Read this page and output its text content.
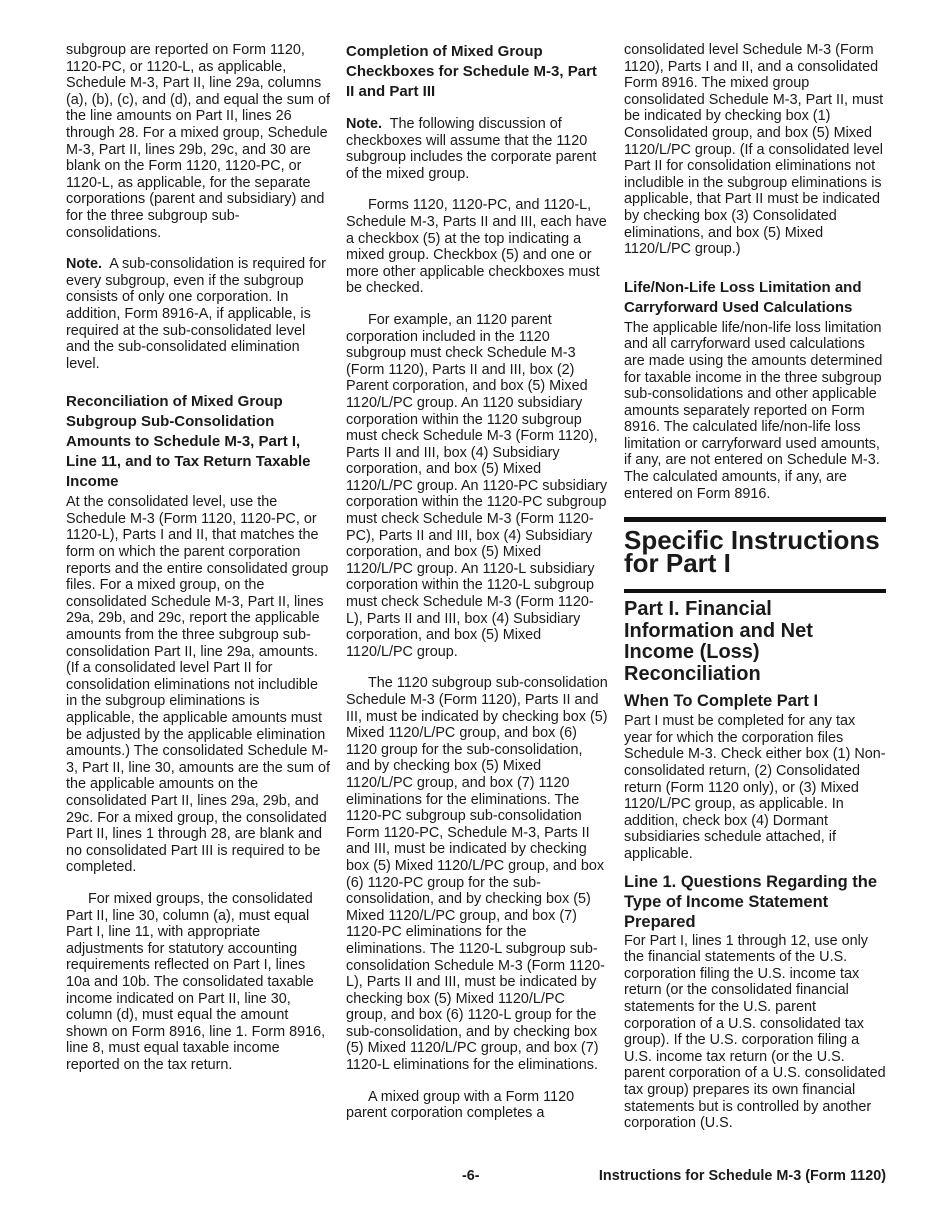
subgroup are reported on Form 1120, 1120-PC, or 1120-L, as applicable, Schedule M-3, Part II, line 29a, columns (a), (b), (c), and (d), and equal the sum of the line amounts on Part II, lines 26 through 28. For a mixed group, Schedule M-3, Part II, lines 29b, 29c, and 30 are blank on the Form 1120, 1120-PC, or 1120-L, as applicable, for the separate corporations (parent and subsidiary) and for the three subgroup sub-consolidations.

Note. A sub-consolidation is required for every subgroup, even if the subgroup consists of only one corporation. In addition, Form 8916-A, if applicable, is required at the sub-consolidated level and the sub-consolidated elimination level.

Reconciliation of Mixed Group Subgroup Sub-Consolidation Amounts to Schedule M-3, Part I, Line 11, and to Tax Return Taxable Income

At the consolidated level, use the Schedule M-3 (Form 1120, 1120-PC, or 1120-L), Parts I and II, that matches the form on which the parent corporation reports and the entire consolidated group files. For a mixed group, on the consolidated Schedule M-3, Part II, lines 29a, 29b, and 29c, report the applicable amounts from the three subgroup sub-consolidation Part II, line 29a, amounts. (If a consolidated level Part II for consolidation eliminations not includible in the subgroup eliminations is applicable, the applicable amounts must be adjusted by the applicable elimination amounts.) The consolidated Schedule M-3, Part II, line 30, amounts are the sum of the applicable amounts on the consolidated Part II, lines 29a, 29b, and 29c. For a mixed group, the consolidated Part II, lines 1 through 28, are blank and no consolidated Part III is required to be completed.

For mixed groups, the consolidated Part II, line 30, column (a), must equal Part I, line 11, with appropriate adjustments for statutory accounting requirements reflected on Part I, lines 10a and 10b. The consolidated taxable income indicated on Part II, line 30, column (d), must equal the amount shown on Form 8916, line 1. Form 8916, line 8, must equal taxable income reported on the tax return.

Completion of Mixed Group Checkboxes for Schedule M-3, Part II and Part III

Note. The following discussion of checkboxes will assume that the 1120 subgroup includes the corporate parent of the mixed group.

Forms 1120, 1120-PC, and 1120-L, Schedule M-3, Parts II and III, each have a checkbox (5) at the top indicating a mixed group. Checkbox (5) and one or more other applicable checkboxes must be checked.

For example, an 1120 parent corporation included in the 1120 subgroup must check Schedule M-3 (Form 1120), Parts II and III, box (2) Parent corporation, and box (5) Mixed 1120/L/PC group. An 1120 subsidiary corporation within the 1120 subgroup must check Schedule M-3 (Form 1120), Parts II and III, box (4) Subsidiary corporation, and box (5) Mixed 1120/L/PC group. An 1120-PC subsidiary corporation within the 1120-PC subgroup must check Schedule M-3 (Form 1120-PC), Parts II and III, box (4) Subsidiary corporation, and box (5) Mixed 1120/L/PC group. An 1120-L subsidiary corporation within the 1120-L subgroup must check Schedule M-3 (Form 1120-L), Parts II and III, box (4) Subsidiary corporation, and box (5) Mixed 1120/L/PC group.

The 1120 subgroup sub-consolidation Schedule M-3 (Form 1120), Parts II and III, must be indicated by checking box (5) Mixed 1120/L/PC group, and box (6) 1120 group for the sub-consolidation, and by checking box (5) Mixed 1120/L/PC group, and box (7) 1120 eliminations for the eliminations. The 1120-PC subgroup sub-consolidation Form 1120-PC, Schedule M-3, Parts II and III, must be indicated by checking box (5) Mixed 1120/L/PC group, and box (6) 1120-PC group for the sub-consolidation, and by checking box (5) Mixed 1120/L/PC group, and box (7) 1120-PC eliminations for the eliminations. The 1120-L subgroup sub-consolidation Schedule M-3 (Form 1120-L), Parts II and III, must be indicated by checking box (5) Mixed 1120/L/PC group, and box (6) 1120-L group for the sub-consolidation, and by checking box (5) Mixed 1120/L/PC group, and box (7) 1120-L eliminations for the eliminations.

A mixed group with a Form 1120 parent corporation completes a

consolidated level Schedule M-3 (Form 1120), Parts I and II, and a consolidated Form 8916. The mixed group consolidated Schedule M-3, Part II, must be indicated by checking box (1) Consolidated group, and box (5) Mixed 1120/L/PC group. (If a consolidated level Part II for consolidation eliminations not includible in the subgroup eliminations is applicable, that Part II must be indicated by checking box (3) Consolidated eliminations, and box (5) Mixed 1120/L/PC group.)

Life/Non-Life Loss Limitation and Carryforward Used Calculations

The applicable life/non-life loss limitation and all carryforward used calculations are made using the amounts determined for taxable income in the three subgroup sub-consolidations and other applicable amounts separately reported on Form 8916. The calculated life/non-life loss limitation or carryforward used amounts, if any, are not entered on Schedule M-3. The calculated amounts, if any, are entered on Form 8916.

Specific Instructions for Part I
Part I. Financial Information and Net Income (Loss) Reconciliation
When To Complete Part I

Part I must be completed for any tax year for which the corporation files Schedule M-3. Check either box (1) Non-consolidated return, (2) Consolidated return (Form 1120 only), or (3) Mixed 1120/L/PC group, as applicable. In addition, check box (4) Dormant subsidiaries schedule attached, if applicable.

Line 1. Questions Regarding the Type of Income Statement Prepared

For Part I, lines 1 through 12, use only the financial statements of the U.S. corporation filing the U.S. income tax return (or the consolidated financial statements for the U.S. parent corporation of a U.S. consolidated tax group). If the U.S. corporation filing a U.S. income tax return (or the U.S. parent corporation of a U.S. consolidated tax group) prepares its own financial statements but is controlled by another corporation (U.S.

-6-	Instructions for Schedule M-3 (Form 1120)
